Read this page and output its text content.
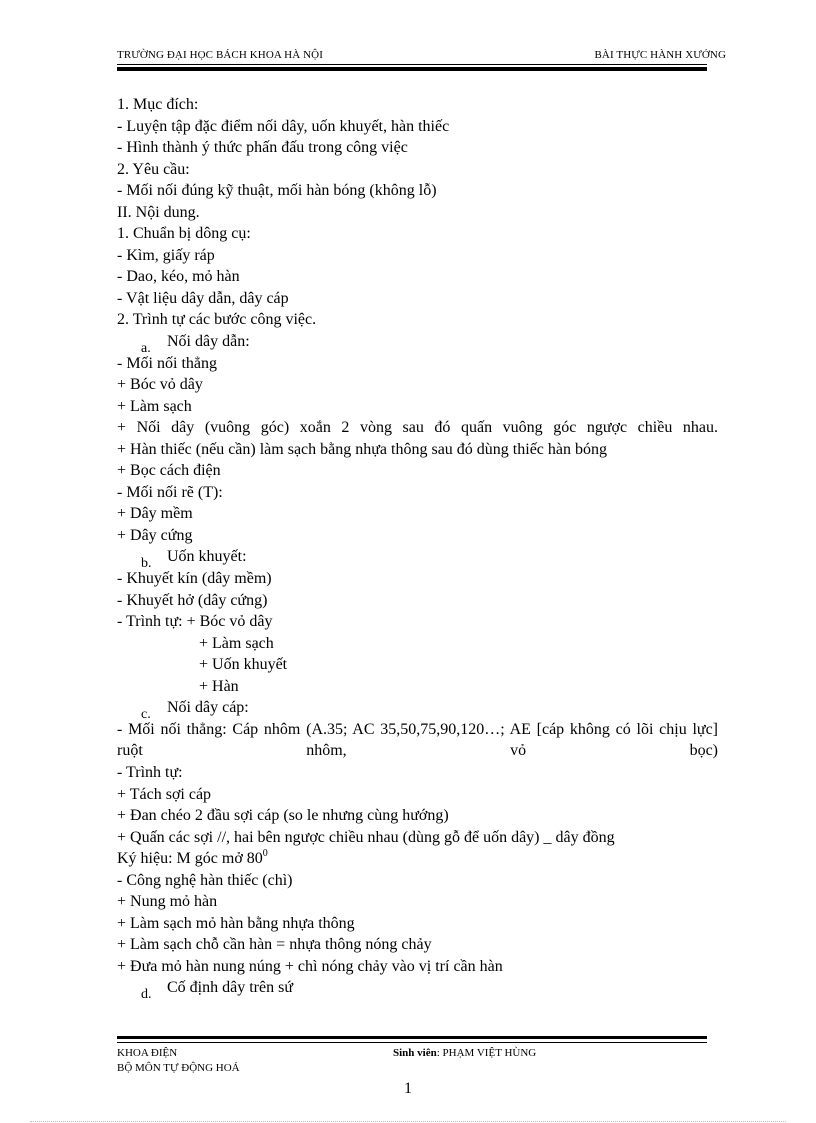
TRƯỜNG ĐẠI HỌC BÁCH KHOA HÀ NỘI	BÀI THỰC HÀNH XƯỞNG
1. Mục đích:
- Luyện tập đặc điểm nối dây, uốn khuyết, hàn thiếc
- Hình thành ý thức phấn đấu trong công việc
2. Yêu cầu:
- Mối nối đúng kỹ thuật, mối hàn bóng (không lỗ)
II. Nội dung.
1. Chuẩn bị dông cụ:
- Kìm, giấy ráp
- Dao, kéo, mỏ hàn
- Vật liệu dây dẫn, dây cáp
2. Trình tự các bước công việc.
a. Nối dây dẫn:
- Mối nối thẳng
+ Bóc vỏ dây
+ Làm sạch
+ Nối dây (vuông góc) xoắn 2 vòng sau đó quấn vuông góc ngược chiều nhau.
+ Hàn thiếc (nếu cần) làm sạch bằng nhựa thông sau đó dùng thiếc hàn bóng
+ Bọc cách điện
- Mối nối rẽ (T):
+ Dây mềm
+ Dây cứng
b. Uốn khuyết:
- Khuyết kín (dây mềm)
- Khuyết hở (dây cứng)
- Trình tự: + Bóc vỏ dây
+ Làm sạch
+ Uốn khuyết
+ Hàn
c. Nối dây cáp:
- Mối nối thẳng: Cáp nhôm (A.35; AC 35,50,75,90,120…; AE [cáp không có lõi chịu lực] ruột nhôm, vỏ bọc)
- Trình tự:
+ Tách sợi cáp
+ Đan chéo 2 đầu sợi cáp (so le nhưng cùng hướng)
+ Quấn các sợi //, hai bên ngược chiều nhau (dùng gỗ để uốn dây) _ dây đồng
Ký hiệu: M góc mở $80^0$
- Công nghệ hàn thiếc (chì)
+ Nung mỏ hàn
+ Làm sạch mỏ hàn bằng nhựa thông
+ Làm sạch chỗ cần hàn = nhựa thông nóng chảy
+ Đưa mỏ hàn nung núng + chì nóng chảy vào vị trí cần hàn
d. Cố định dây trên sứ
KHOA ĐIỆN
BỘ MÔN TỰ ĐỘNG HOÁ
Sinh viên: PHẠM VIỆT HÙNG
1
